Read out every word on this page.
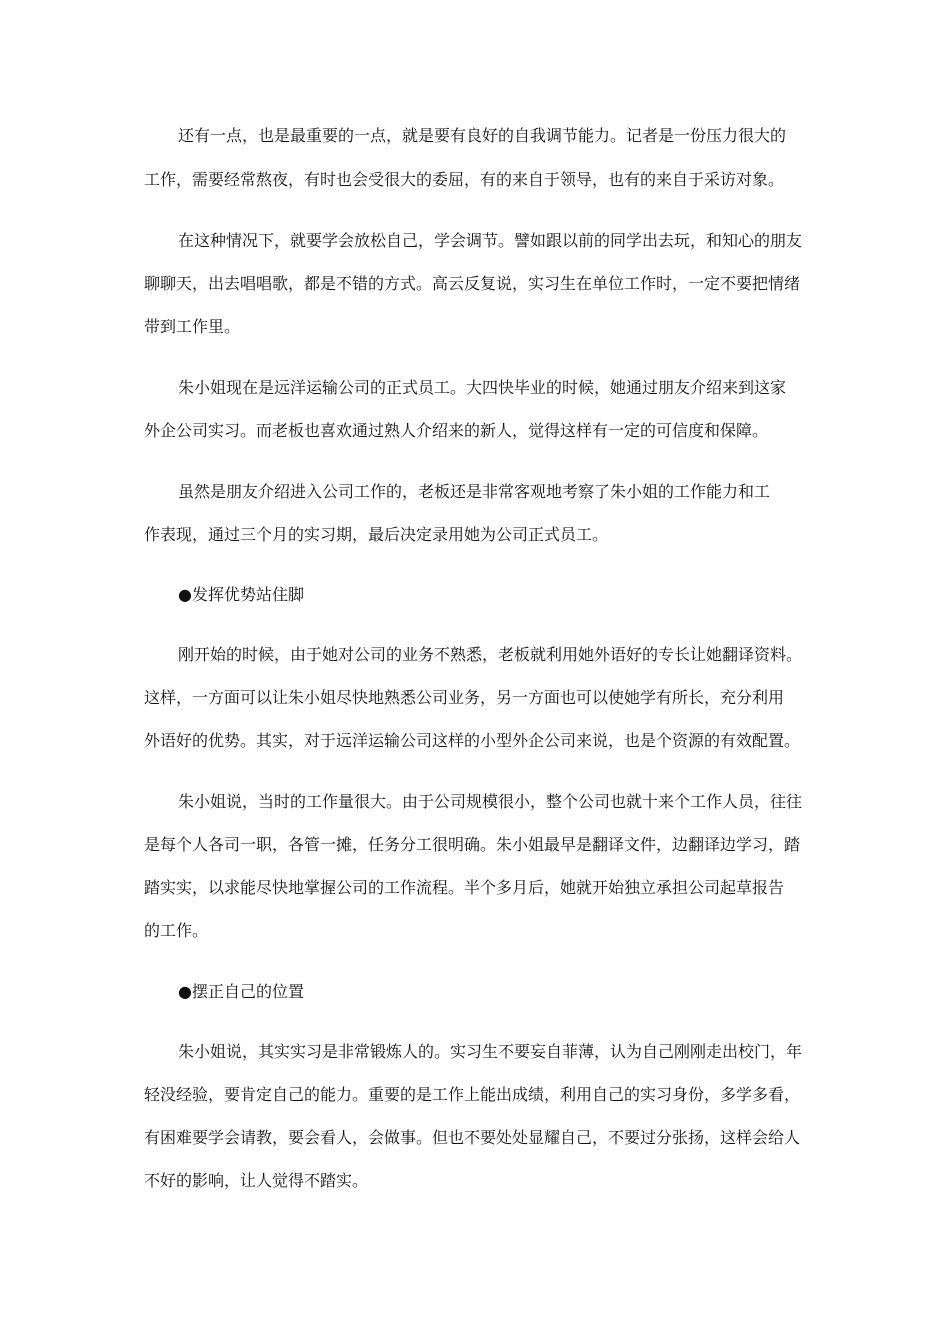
还有一点，也是最重要的一点，就是要有良好的自我调节能力。记者是一份压力很大的
工作，需要经常熬夜，有时也会受很大的委屈，有的来自于领导，也有的来自于采访对象。
在这种情况下，就要学会放松自己，学会调节。譬如跟以前的同学出去玩，和知心的朋友
聊聊天，出去唱唱歌，都是不错的方式。高云反复说，实习生在单位工作时，一定不要把情绪
带到工作里。
朱小姐现在是远洋运输公司的正式员工。大四快毕业的时候，她通过朋友介绍来到这家
外企公司实习。而老板也喜欢通过熟人介绍来的新人，觉得这样有一定的可信度和保障。
虽然是朋友介绍进入公司工作的，老板还是非常客观地考察了朱小姐的工作能力和工
作表现，通过三个月的实习期，最后决定录用她为公司正式员工。
●发挥优势站住脚
刚开始的时候，由于她对公司的业务不熟悉，老板就利用她外语好的专长让她翻译资料。
这样，一方面可以让朱小姐尽快地熟悉公司业务，另一方面也可以使她学有所长，充分利用
外语好的优势。其实，对于远洋运输公司这样的小型外企公司来说，也是个资源的有效配置。
朱小姐说，当时的工作量很大。由于公司规模很小，整个公司也就十来个工作人员，往往
是每个人各司一职，各管一摊，任务分工很明确。朱小姐最早是翻译文件，边翻译边学习，踏
踏实实，以求能尽快地掌握公司的工作流程。半个多月后，她就开始独立承担公司起草报告
的工作。
●摆正自己的位置
朱小姐说，其实实习是非常锻炼人的。实习生不要妄自菲薄，认为自己刚刚走出校门，年
轻没经验，要肯定自己的能力。重要的是工作上能出成绩，利用自己的实习身份，多学多看，
有困难要学会请教，要会看人，会做事。但也不要处处显耀自己，不要过分张扬，这样会给人
不好的影响，让人觉得不踏实。
